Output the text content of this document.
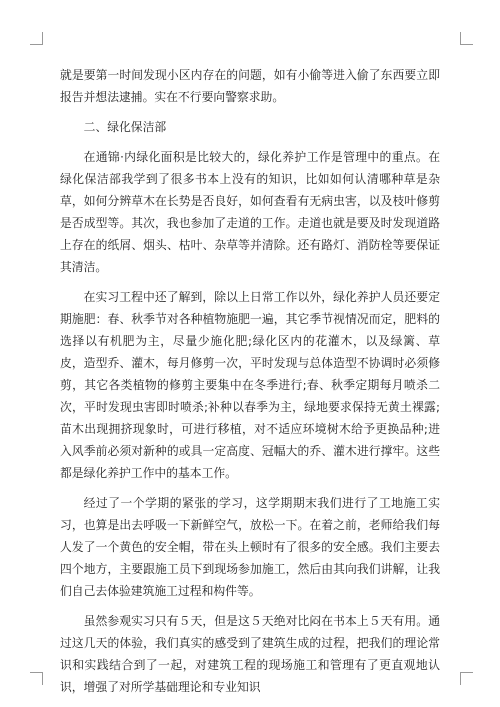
就是要第一时间发现小区内存在的问题，如有小偷等进入偷了东西要立即报告并想法逮捕。实在不行要向警察求助。

二、绿化保洁部

在通锦·内绿化面积是比较大的，绿化养护工作是管理中的重点。在绿化保洁部我学到了很多书本上没有的知识，比如如何认清哪种草是杂草，如何分辨草木在长势是否良好，如何查看有无病虫害，以及枝叶修剪是否成型等。其次，我也参加了走道的工作。走道也就是要及时发现道路上存在的纸屑、烟头、枯叶、杂草等并清除。还有路灯、消防栓等要保证其清洁。

在实习工程中还了解到，除以上日常工作以外，绿化养护人员还要定期施肥：春、秋季节对各种植物施肥一遍，其它季节视情况而定，肥料的选择以有机肥为主，尽量少施化肥;绿化区内的花灌木，以及绿篱、草皮，造型乔、灌木，每月修剪一次，平时发现与总体造型不协调时必须修剪，其它各类植物的修剪主要集中在冬季进行;春、秋季定期每月喷杀二次，平时发现虫害即时喷杀;补种以春季为主，绿地要求保持无黄土裸露;苗木出现拥挤现象时，可进行移植，对不适应环境树木给予更换品种;进入风季前必须对新种的或具一定高度、冠幅大的乔、灌木进行撑牢。这些都是绿化养护工作中的基本工作。

经过了一个学期的紧张的学习，这学期期末我们进行了工地施工实习，也算是出去呼吸一下新鲜空气，放松一下。在着之前，老师给我们每人发了一个黄色的安全帽，带在头上顿时有了很多的安全感。我们主要去四个地方，主要跟施工员下到现场参加施工，然后由其向我们讲解，让我们自己去体验建筑施工过程和构件等。

虽然参观实习只有５天，但是这５天绝对比闷在书本上５天有用。通过这几天的体验，我们真实的感受到了建筑生成的过程，把我们的理论常识和实践结合到了一起，对建筑工程的现场施工和管理有了更直观地认识，增强了对所学基础理论和专业知识
